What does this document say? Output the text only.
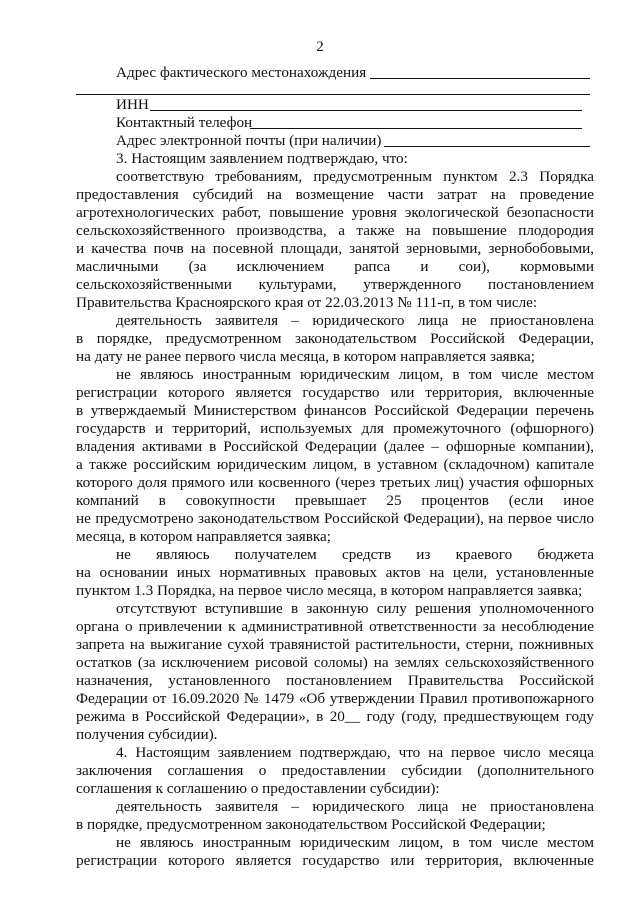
2
Адрес фактического местонахождения
ИНН
Контактный телефон
Адрес электронной почты (при наличии)
3. Настоящим заявлением подтверждаю, что:
соответствую требованиям, предусмотренным пунктом 2.3 Порядка
предоставления субсидий на возмещение части затрат на проведение
агротехнологических работ, повышение уровня экологической безопасности
сельскохозяйственного производства, а также на повышение плодородия
и качества почв на посевной площади, занятой зерновыми, зернобобовыми,
масличными (за исключением рапса и сои), кормовыми
сельскохозяйственными культурами, утвержденного постановлением
Правительства Красноярского края от 22.03.2013 № 111-п, в том числе:
деятельность заявителя – юридического лица не приостановлена
в порядке, предусмотренном законодательством Российской Федерации,
на дату не ранее первого числа месяца, в котором направляется заявка;
не являюсь иностранным юридическим лицом, в том числе местом
регистрации которого является государство или территория, включенные
в утверждаемый Министерством финансов Российской Федерации перечень
государств и территорий, используемых для промежуточного (офшорного)
владения активами в Российской Федерации (далее – офшорные компании),
а также российским юридическим лицом, в уставном (складочном) капитале
которого доля прямого или косвенного (через третьих лиц) участия офшорных
компаний в совокупности превышает 25 процентов (если иное
не предусмотрено законодательством Российской Федерации), на первое число
месяца, в котором направляется заявка;
не являюсь получателем средств из краевого бюджета
на основании иных нормативных правовых актов на цели, установленные
пунктом 1.3 Порядка, на первое число месяца, в котором направляется заявка;
отсутствуют вступившие в законную силу решения уполномоченного
органа о привлечении к административной ответственности за несоблюдение
запрета на выжигание сухой травянистой растительности, стерни, пожнивных
остатков (за исключением рисовой соломы) на землях сельскохозяйственного
назначения, установленного постановлением Правительства Российской
Федерации от 16.09.2020 № 1479 «Об утверждении Правил противопожарного
режима в Российской Федерации», в 20__ году (году, предшествующем году
получения субсидии).
4. Настоящим заявлением подтверждаю, что на первое число месяца
заключения соглашения о предоставлении субсидии (дополнительного
соглашения к соглашению о предоставлении субсидии):
деятельность заявителя – юридического лица не приостановлена
в порядке, предусмотренном законодательством Российской Федерации;
не являюсь иностранным юридическим лицом, в том числе местом
регистрации которого является государство или территория, включенные
